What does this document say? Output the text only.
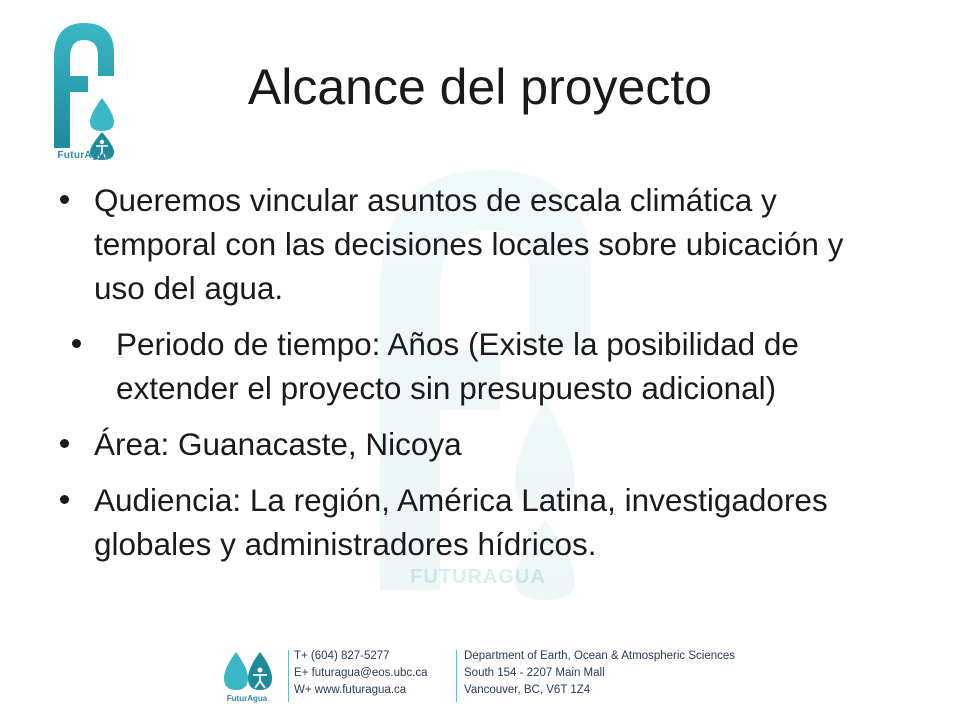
FUTURAGUA
FuturAgua
Alcance del proyecto
Queremos vincular asuntos de escala climática y temporal con las decisiones locales sobre ubicación y uso del agua.
Periodo de tiempo: Años (Existe la posibilidad de extender el proyecto sin presupuesto adicional)
Área: Guanacaste, Nicoya
Audiencia: La región, América Latina, investigadores globales y administradores hídricos.
FuturAgua
T+ (604) 827-5277
E+ futuragua@eos.ubc.ca
W+ www.futuragua.ca
Department of Earth, Ocean & Atmospheric Sciences
South 154 - 2207 Main Mall
Vancouver, BC, V6T 1Z4
